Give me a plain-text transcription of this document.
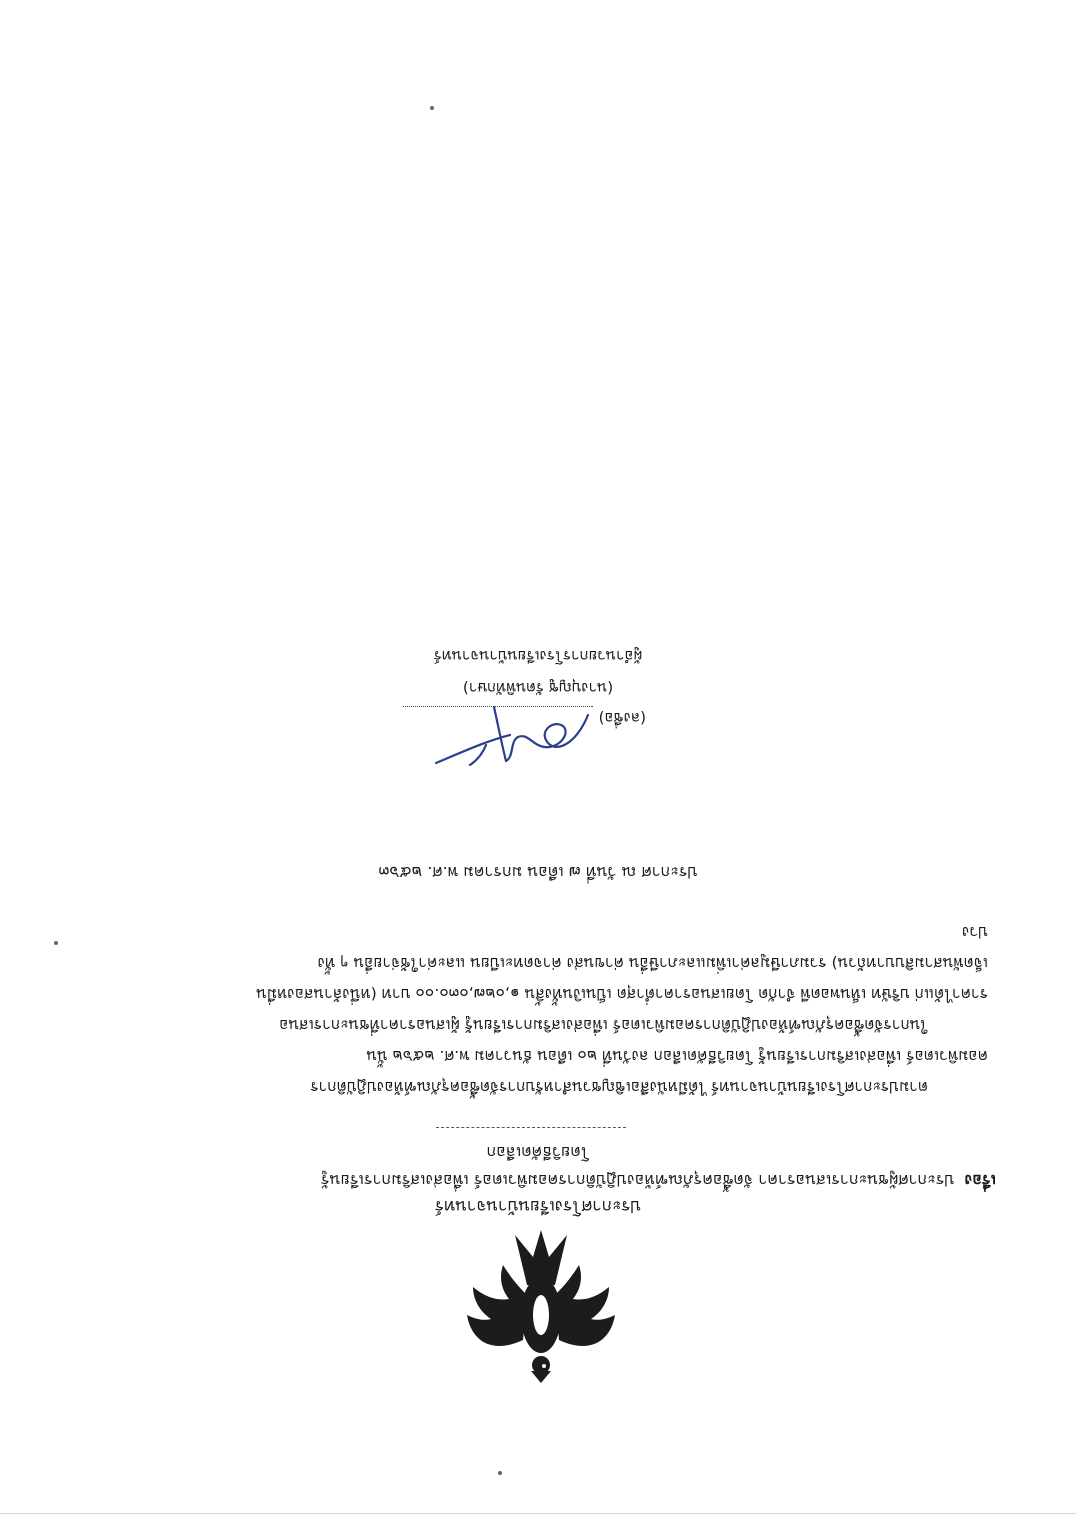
ประกาศโรงเรียนบ้านจานทร์
เรื่องประกาศผู้ชนะการเสนอราคา จัดซื้อครุภัณฑ์ห้องปฏิบัติการคอมพิวเตอร์ เพื่อส่งเสริมการเรียนรู้
โดยวิธีคัดเลือก
ตามประกาศโรงเรียนบ้านจานทร์ ได้มีหนังสือเชิญชวนสำหรับการจัดซื้อครุภัณฑ์ห้องปฏิบัติการ
คอมพิวเตอร์ เพื่อส่งเสริมการเรียนรู้ โดยวิธีคัดเลือก ลงวันที่ ๒๐ เดือน ธันวาคม พ.ศ. ๒๕๖๒ นั้น
ในการจัดซื้อครุภัณฑ์ห้องปฏิบัติการคอมพิวเตอร์ เพื่อส่งเสริมการเรียนรู้ ผู้เสนอราคาที่ชนะการเสนอ
ราคาได้แก่ บริษัท เห็นพอดพี จำกัด โดยเสนอราคาต่ำสุด เป็นเงินทั้งสิ้น ๑,๐๒๗,๐๓๐.๐๐ บาท (หนึ่งล้านสองหมื่น
เจ็ดพันสามสิบบาทถ้วน) รวมภาษีมูลค่าเพิ่มและภาษีอื่น ค่าขนส่ง ค่าจดทะเบียน และค่าใช้จ่ายอื่น ๆ ทั้ง
ปวง
ประกาศ ณ วันที่ ๗ เดือน มกราคม พ.ศ. ๒๕๖๓
(ลงชื่อ)
(นางบุญชู รัตนพิทักษา)
ผู้อำนวยการโรงเรียนบ้านจานทร์
